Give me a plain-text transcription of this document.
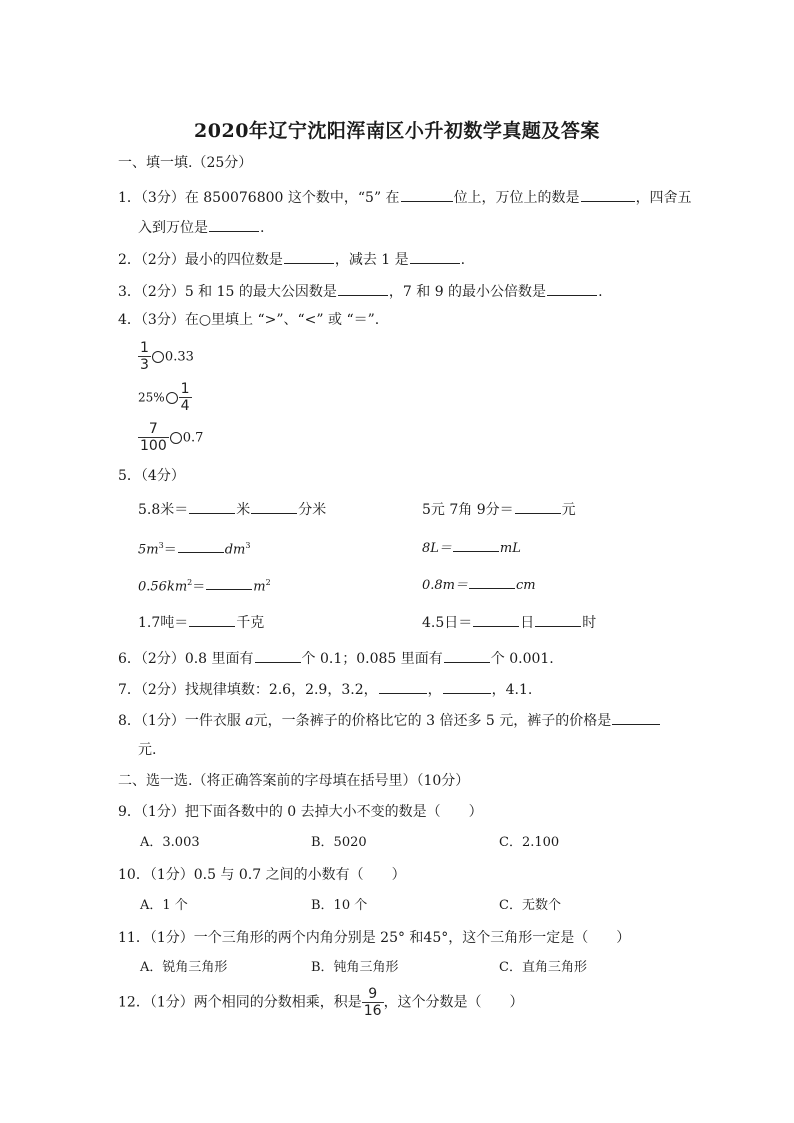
2020年辽宁沈阳浑南区小升初数学真题及答案
一、填一填.（25分）
1．（3分）在 850076800 这个数中，“5” 在	位上，万位上的数是	，四舍五
入到万位是	.
2．（2分）最小的四位数是	，减去 1 是	.
3．（2分）5 和 15 的最大公因数是	，7 和 9 的最小公倍数是	.
4．（3分）在○里填上 “>”、“<” 或 “＝”.
$\frac{1}{3} 0.33$
$25\% \frac{1}{4}$
$\frac{7}{100} 0.7$
5．（4分）
5.8米＝	米	分米	5元 7角 9分＝	元
$5m^3=$	$dm^3$	8L＝	mL
$0.56km^2=$	$m^2$	0.8m＝	cm
1.7吨＝	千克	4.5日＝	日	时
6．（2分）0.8 里面有	个 0.1；0.085 里面有	个 0.001.
7．（2分）找规律填数：2.6，2.9，3.2，	，	，4.1.
8．（1分）一件衣服 a元，一条裤子的价格比它的 3 倍还多 5 元，裤子的价格是
元.
二、选一选.（将正确答案前的字母填在括号里）（10分）
9．（1分）把下面各数中的 0 去掉大小不变的数是（　　）
A．3.003	B．5020	C．2.100
10．（1分）0.5 与 0.7 之间的小数有（　　）
A．1 个	B．10 个	C．无数个
11．（1分）一个三角形的两个内角分别是 25° 和45°，这个三角形一定是（　　）
A．锐角三角形	B．钝角三角形	C．直角三角形
12．（1分）两个相同的分数相乘，积是 $\frac{9}{16}$ ，这个分数是（　　）
